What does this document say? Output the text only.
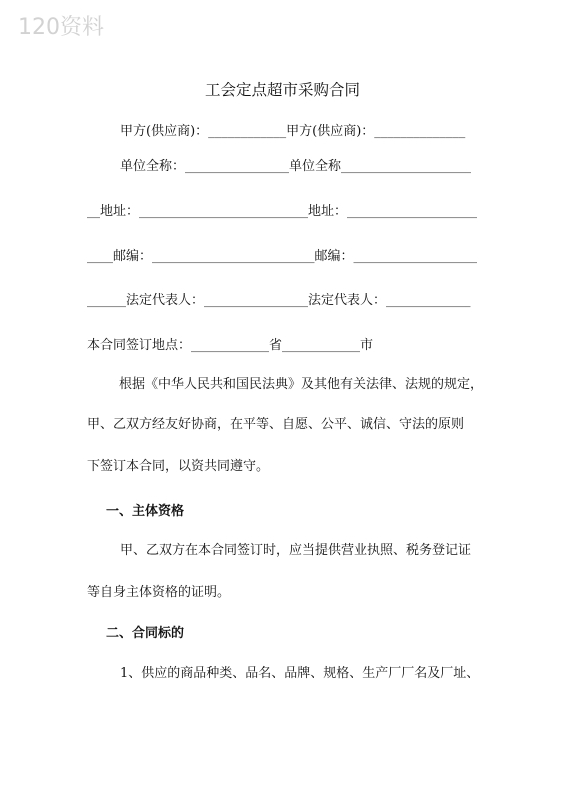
120资料
工会定点超市采购合同
甲方(供应商)：____________甲方(供应商)：______________
单位全称：________________单位全称____________________
__地址：__________________________地址：____________________
____邮编：_________________________邮编：___________________
______法定代表人：________________法定代表人：_____________
本合同签订地点：____________省____________市
根据《中华人民共和国民法典》及其他有关法律、法规的规定，
甲、乙双方经友好协商，在平等、自愿、公平、诚信、守法的原则
下签订本合同，以资共同遵守。
一、主体资格
甲、乙双方在本合同签订时，应当提供营业执照、税务登记证
等自身主体资格的证明。
二、合同标的
1、供应的商品种类、品名、品牌、规格、生产厂厂名及厂址、
